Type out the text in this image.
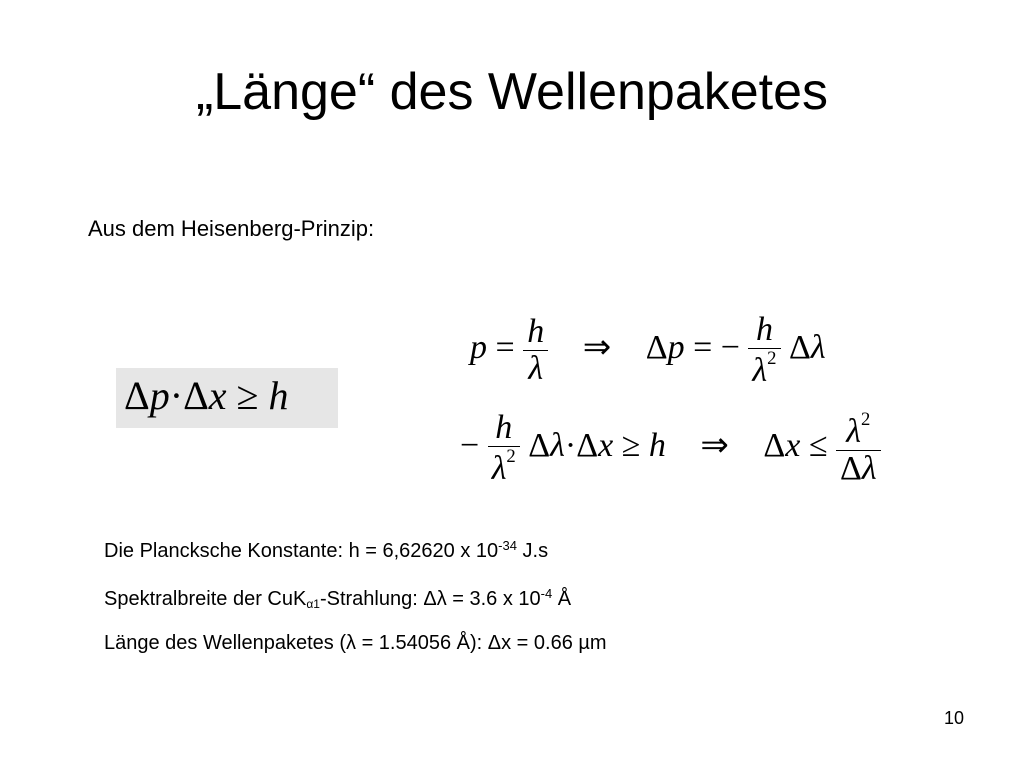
„Länge“ des Wellenpaketes
Aus dem Heisenberg-Prinzip:
Δp·Δx ≥ h
$p = \frac{h}{\lambda}$ ⇒ Δp = − $\frac{h}{\lambda^2}$ Δλ
− $\frac{h}{\lambda^2} \Delta\lambda\cdot\Delta x \ge h$ ⇒ $\Delta x \le \frac{\lambda^2}{\Delta\lambda}$
Die Plancksche Konstante: h = 6,62620 x $10^{-34}$ J.s
Spektralbreite der CuKα1-Strahlung: Δλ = 3.6 x $10^{-4}$ Å
Länge des Wellenpaketes (λ = 1.54056 Å): Δx = 0.66 µm
10
